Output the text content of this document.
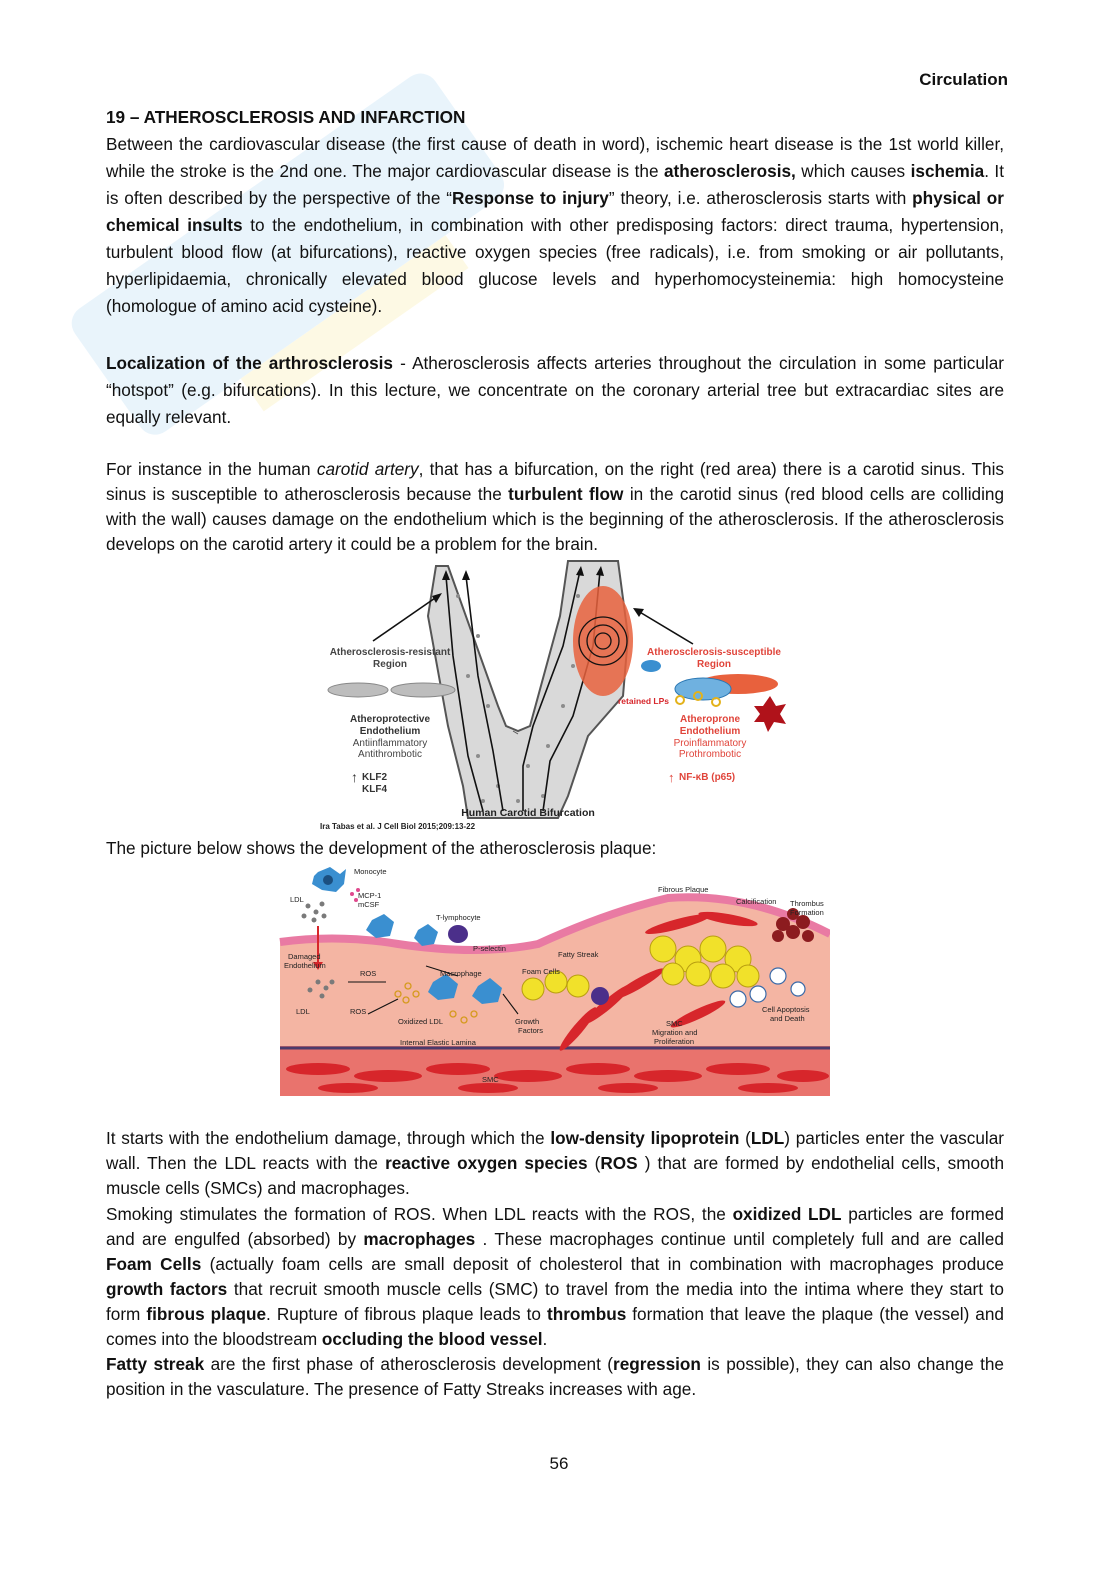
Circulation
19 – ATHEROSCLEROSIS AND INFARCTION

Between the cardiovascular disease (the first cause of death in word), ischemic heart disease is the 1st world killer, while the stroke is the 2nd one. The major cardiovascular disease is the atherosclerosis, which causes ischemia. It is often described by the perspective of the “Response to injury” theory, i.e. atherosclerosis starts with physical or chemical insults to the endothelium, in combination with other predisposing factors: direct trauma, hypertension, turbulent blood flow (at bifurcations), reactive oxygen species (free radicals), i.e. from smoking or air pollutants, hyperlipidaemia, chronically elevated blood glucose levels and hyperhomocysteinemia: high homocysteine (homologue of amino acid cysteine).

Localization of the arthrosclerosis - Atherosclerosis affects arteries throughout the circulation in some particular “hotspot” (e.g. bifurcations). In this lecture, we concentrate on the coronary arterial tree but extracardiac sites are equally relevant.

For instance in the human carotid artery, that has a bifurcation, on the right (red area) there is a carotid sinus. This sinus is susceptible to atherosclerosis because the turbulent flow in the carotid sinus (red blood cells are colliding with the wall) causes damage on the endothelium which is the beginning of the atherosclerosis. If the atherosclerosis develops on the carotid artery it could be a problem for the brain.

Atherosclerosis-resistant
Region
Atheroprotective
Endothelium
Antiinflammatory
Antithrombotic
↑ KLF2
KLF4
Atherosclerosis-susceptible
Region
retained LPs
Atheroprone
Endothelium
Proinflammatory
Prothrombotic
↑ NF-κB (p65)
Human Carotid Bifurcation
Ira Tabas et al. J Cell Biol 2015;209:13-22

The picture below shows the development of the atherosclerosis plaque:

Monocyte
LDL	MCP-1
mCSF
T-lymphocyte
P-selectin
Fibrous Plaque
Calcification Thrombus
Formation
Damaged
Endothelium
ROS	Macrophage	Foam Cells
Fatty Streak
LDL	ROS
Oxidized LDL	Growth
Factors
SMC
Migration and
Proliferation
Cell Apoptosis
and Death
Internal Elastic Lamina
SMC

It starts with the endothelium damage, through which the low-density lipoprotein (LDL) particles enter the vascular wall. Then the LDL reacts with the reactive oxygen species (ROS ) that are formed by endothelial cells, smooth muscle cells (SMCs) and macrophages.

Smoking stimulates the formation of ROS. When LDL reacts with the ROS, the oxidized LDL particles are formed and are engulfed (absorbed) by macrophages . These macrophages continue until completely full and are called Foam Cells (actually foam cells are small deposit of cholesterol that in combination with macrophages produce growth factors that recruit smooth muscle cells (SMC) to travel from the media into the intima where they start to form fibrous plaque. Rupture of fibrous plaque leads to thrombus formation that leave the plaque (the vessel) and comes into the bloodstream occluding the blood vessel.

Fatty streak are the first phase of atherosclerosis development (regression is possible), they can also change the position in the vasculature. The presence of Fatty Streaks increases with age.

56
